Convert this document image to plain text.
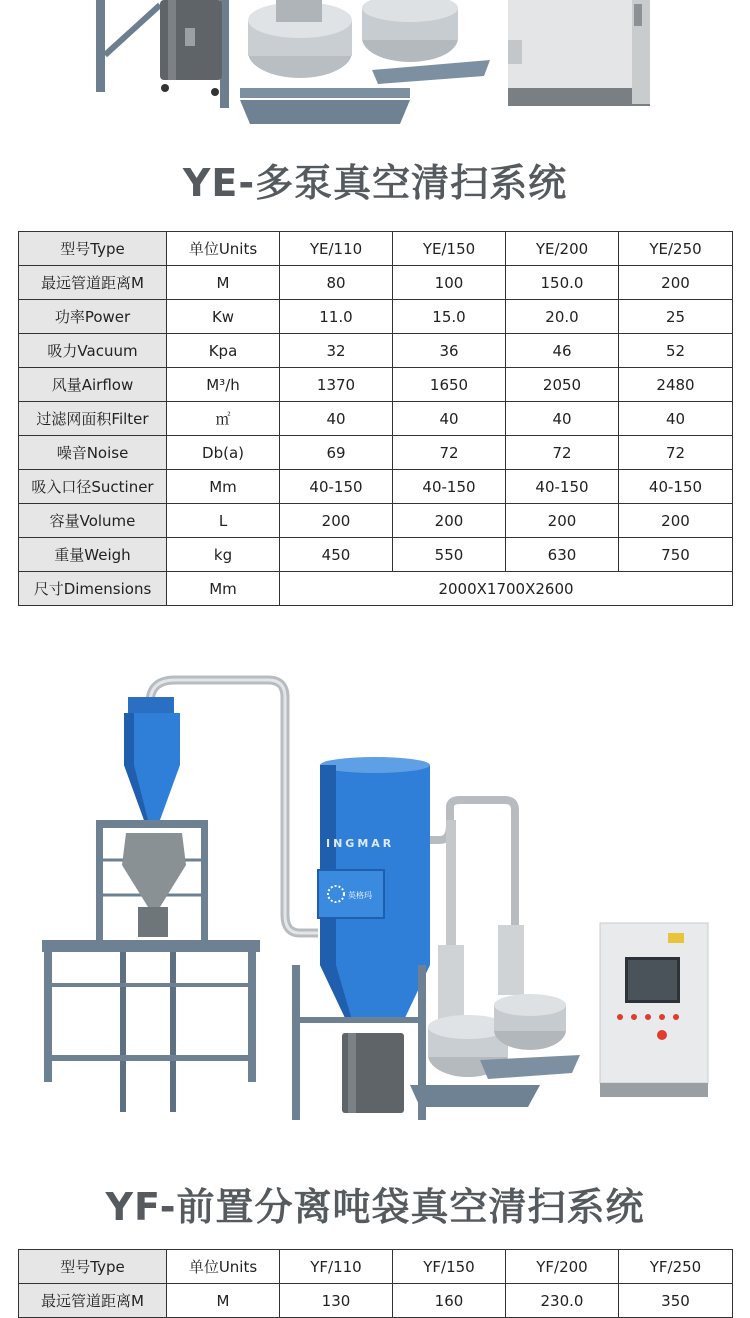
YE-多泵真空清扫系统
型号Type	单位Units	YE/110	YE/150	YE/200	YE/250
最远管道距离M	M	80	100	150.0	200
功率Power	Kw	11.0	15.0	20.0	25
吸力Vacuum	Kpa	32	36	46	52
风量Airflow	M³/h	1370	1650	2050	2480
过滤网面积Filter	㎡	40	40	40	40
噪音Noise	Db(a)	69	72	72	72
吸入口径Suctiner	Mm	40-150	40-150	40-150	40-150
容量Volume	L	200	200	200	200
重量Weigh	kg	450	550	630	750
尺寸Dimensions	Mm	2000X1700X2600			
INGMAR
英格玛
YF-前置分离吨袋真空清扫系统
型号Type	单位Units	YF/110	YF/150	YF/200	YF/250
最远管道距离M	M	130	160	230.0	350
